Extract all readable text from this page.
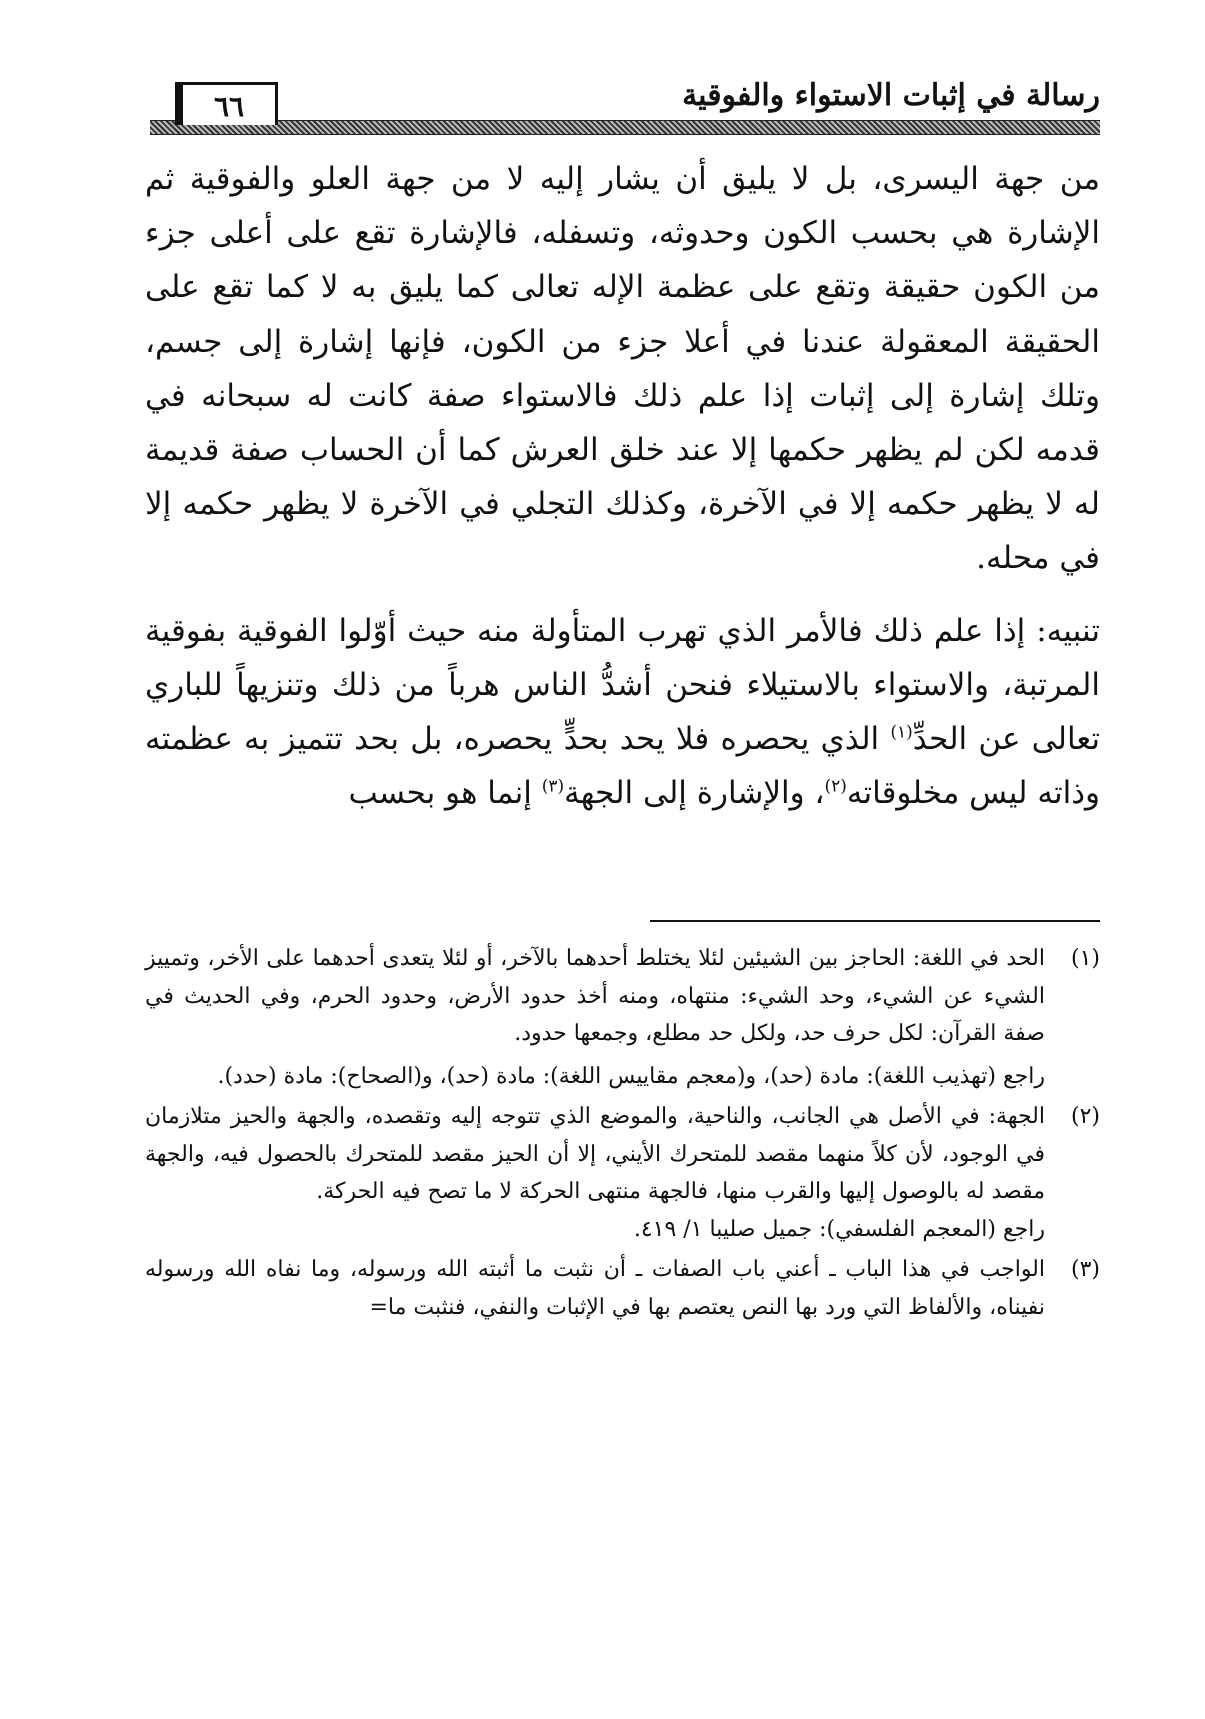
رسالة في إثبات الاستواء والفوقية
٦٦

من جهة اليسرى، بل لا يليق أن يشار إليه لا من جهة العلو والفوقية ثم الإشارة هي بحسب الكون وحدوثه، وتسفله، فالإشارة تقع على أعلى جزء من الكون حقيقة وتقع على عظمة الإله تعالى كما يليق به لا كما تقع على الحقيقة المعقولة عندنا في أعلا جزء من الكون، فإنها إشارة إلى جسم، وتلك إشارة إلى إثبات إذا علم ذلك فالاستواء صفة كانت له سبحانه في قدمه لكن لم يظهر حكمها إلا عند خلق العرش كما أن الحساب صفة قديمة له لا يظهر حكمه إلا في الآخرة، وكذلك التجلي في الآخرة لا يظهر حكمه إلا في محله.

تنبيه: إذا علم ذلك فالأمر الذي تهرب المتأولة منه حيث أوّلوا الفوقية بفوقية المرتبة، والاستواء بالاستيلاء فنحن أشدُّ الناس هرباً من ذلك وتنزيهاً للباري تعالى عن الحدِّ$^{(١)}$ الذي يحصره فلا يحد بحدٍّ يحصره، بل بحد تتميز به عظمته وذاته ليس مخلوقاته$^{(٢)}$، والإشارة إلى الجهة$^{(٣)}$ إنما هو بحسب

(١)

الحد في اللغة: الحاجز بين الشيئين لئلا يختلط أحدهما بالآخر، أو لئلا يتعدى أحدهما على الأخر، وتمييز الشيء عن الشيء، وحد الشيء: منتهاه، ومنه أخذ حدود الأرض، وحدود الحرم، وفي الحديث في صفة القرآن: لكل حرف حد، ولكل حد مطلع، وجمعها حدود.

راجع (تهذيب اللغة): مادة (حد)، و(معجم مقاييس اللغة): مادة (حد)، و(الصحاح): مادة (حدد).

(٢)

الجهة: في الأصل هي الجانب، والناحية، والموضع الذي تتوجه إليه وتقصده، والجهة والحيز متلازمان في الوجود، لأن كلاً منهما مقصد للمتحرك الأيني، إلا أن الحيز مقصد للمتحرك بالحصول فيه، والجهة مقصد له بالوصول إليها والقرب منها، فالجهة منتهى الحركة لا ما تصح فيه الحركة.

راجع (المعجم الفلسفي): جميل صليبا ١/ ٤١٩.

(٣)

الواجب في هذا الباب ـ أعني باب الصفات ـ أن نثبت ما أثبته الله ورسوله، وما نفاه الله ورسوله نفيناه، والألفاظ التي ورد بها النص يعتصم بها في الإثبات والنفي، فنثبت ما=
